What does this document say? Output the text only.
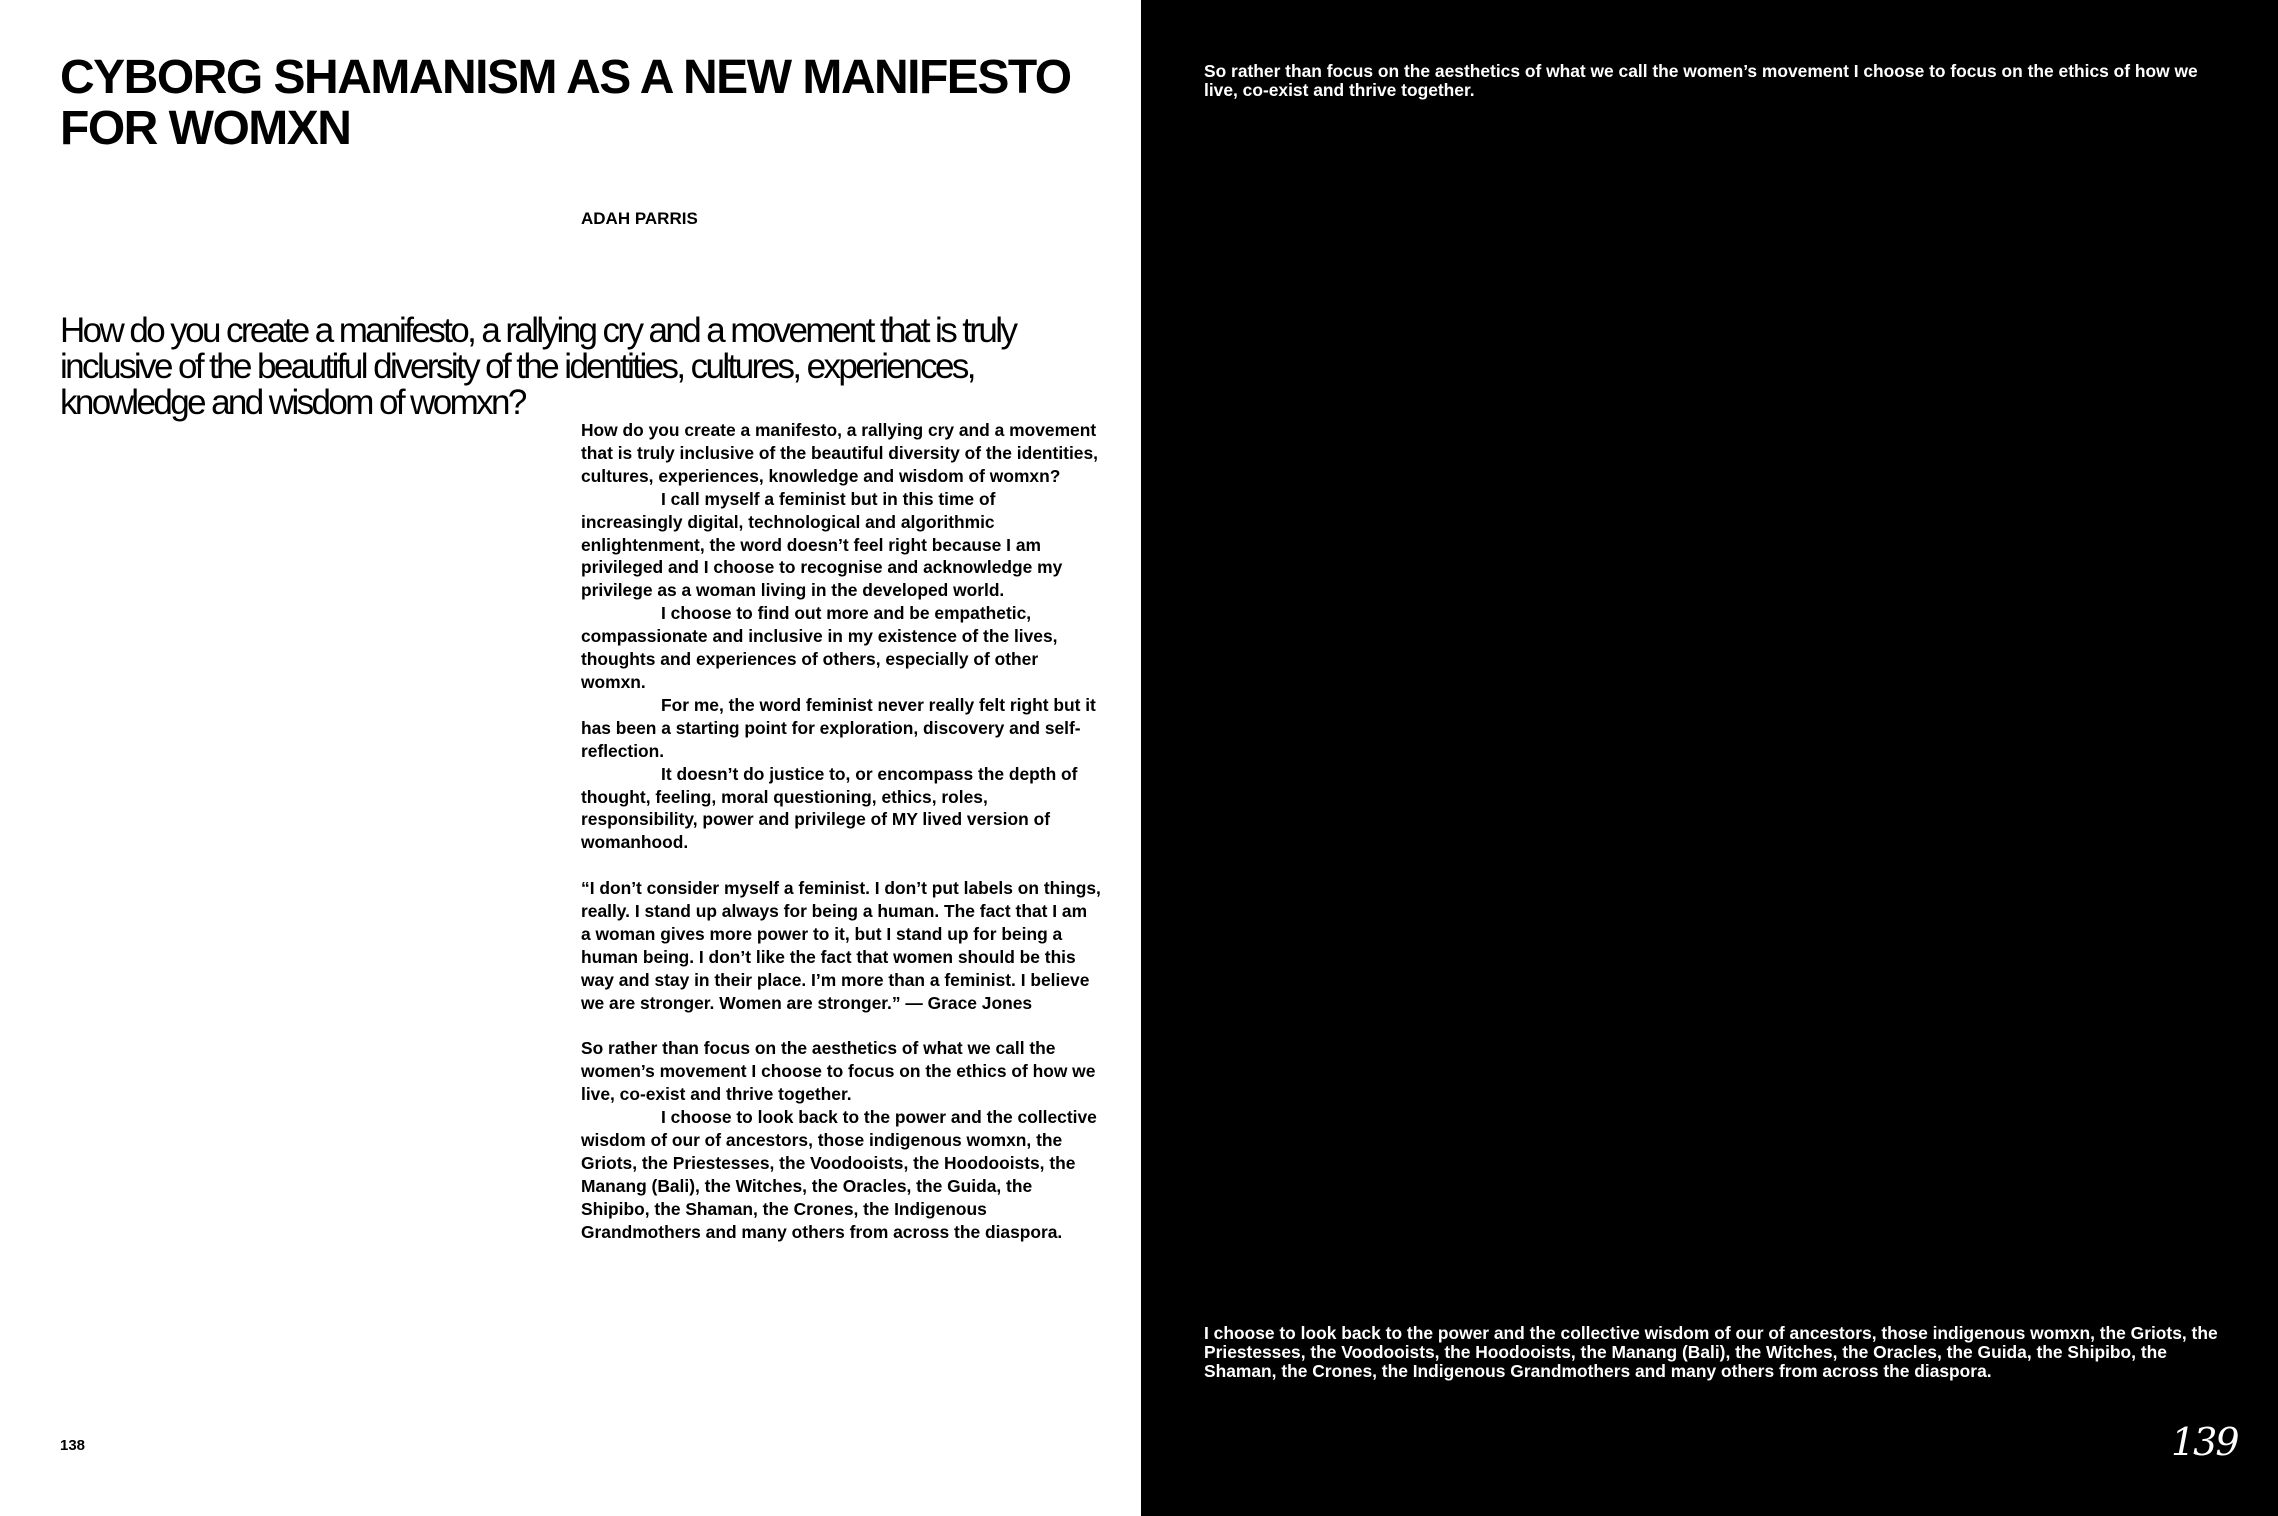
CYBORG SHAMANISM AS A NEW MANIFESTO FOR WOMXN

ADAH PARRIS

How do you create a manifesto, a rallying cry and a movement that is truly inclusive of the beautiful diversity of the identities, cultures, experiences, knowledge and wisdom of womxn?

How do you create a manifesto, a rallying cry and a movement that is truly inclusive of the beautiful diversity of the identities, cultures, experiences, knowledge and wisdom of womxn?

I call myself a feminist but in this time of increasingly digital, technological and algorithmic enlightenment, the word doesn’t feel right because I am privileged and I choose to recognise and acknowledge my privilege as a woman living in the developed world.

I choose to find out more and be empathetic, compassionate and inclusive in my existence of the lives, thoughts and experiences of others, especially of other womxn.

For me, the word feminist never really felt right but it has been a starting point for exploration, discovery and self-reflection.

It doesn’t do justice to, or encompass the depth of thought, feeling, moral questioning, ethics, roles, responsibility, power and privilege of MY lived version of womanhood.

“I don’t consider myself a feminist. I don’t put labels on things, really. I stand up always for being a human. The fact that I am a woman gives more power to it, but I stand up for being a human being. I don’t like the fact that women should be this way and stay in their place. I’m more than a feminist. I believe we are stronger. Women are stronger.” — Grace Jones

So rather than focus on the aesthetics of what we call the women’s movement I choose to focus on the ethics of how we live, co-exist and thrive together.

I choose to look back to the power and the collective wisdom of our of ancestors, those indigenous womxn, the Griots, the Priestesses, the Voodooists, the Hoodooists, the Manang (Bali), the Witches, the Oracles, the Guida, the Shipibo, the Shaman, the Crones, the Indigenous Grandmothers and many others from across the diaspora.

138

So rather than focus on the aesthetics of what we call the women’s movement I choose to focus on the ethics of how we live, co-exist and thrive together.

I choose to look back to the power and the collective wisdom of our of ancestors, those indigenous womxn, the Griots, the Priestesses, the Voodooists, the Hoodooists, the Manang (Bali), the Witches, the Oracles, the Guida, the Shipibo, the Shaman, the Crones, the Indigenous Grandmothers and many others from across the diaspora.

139
